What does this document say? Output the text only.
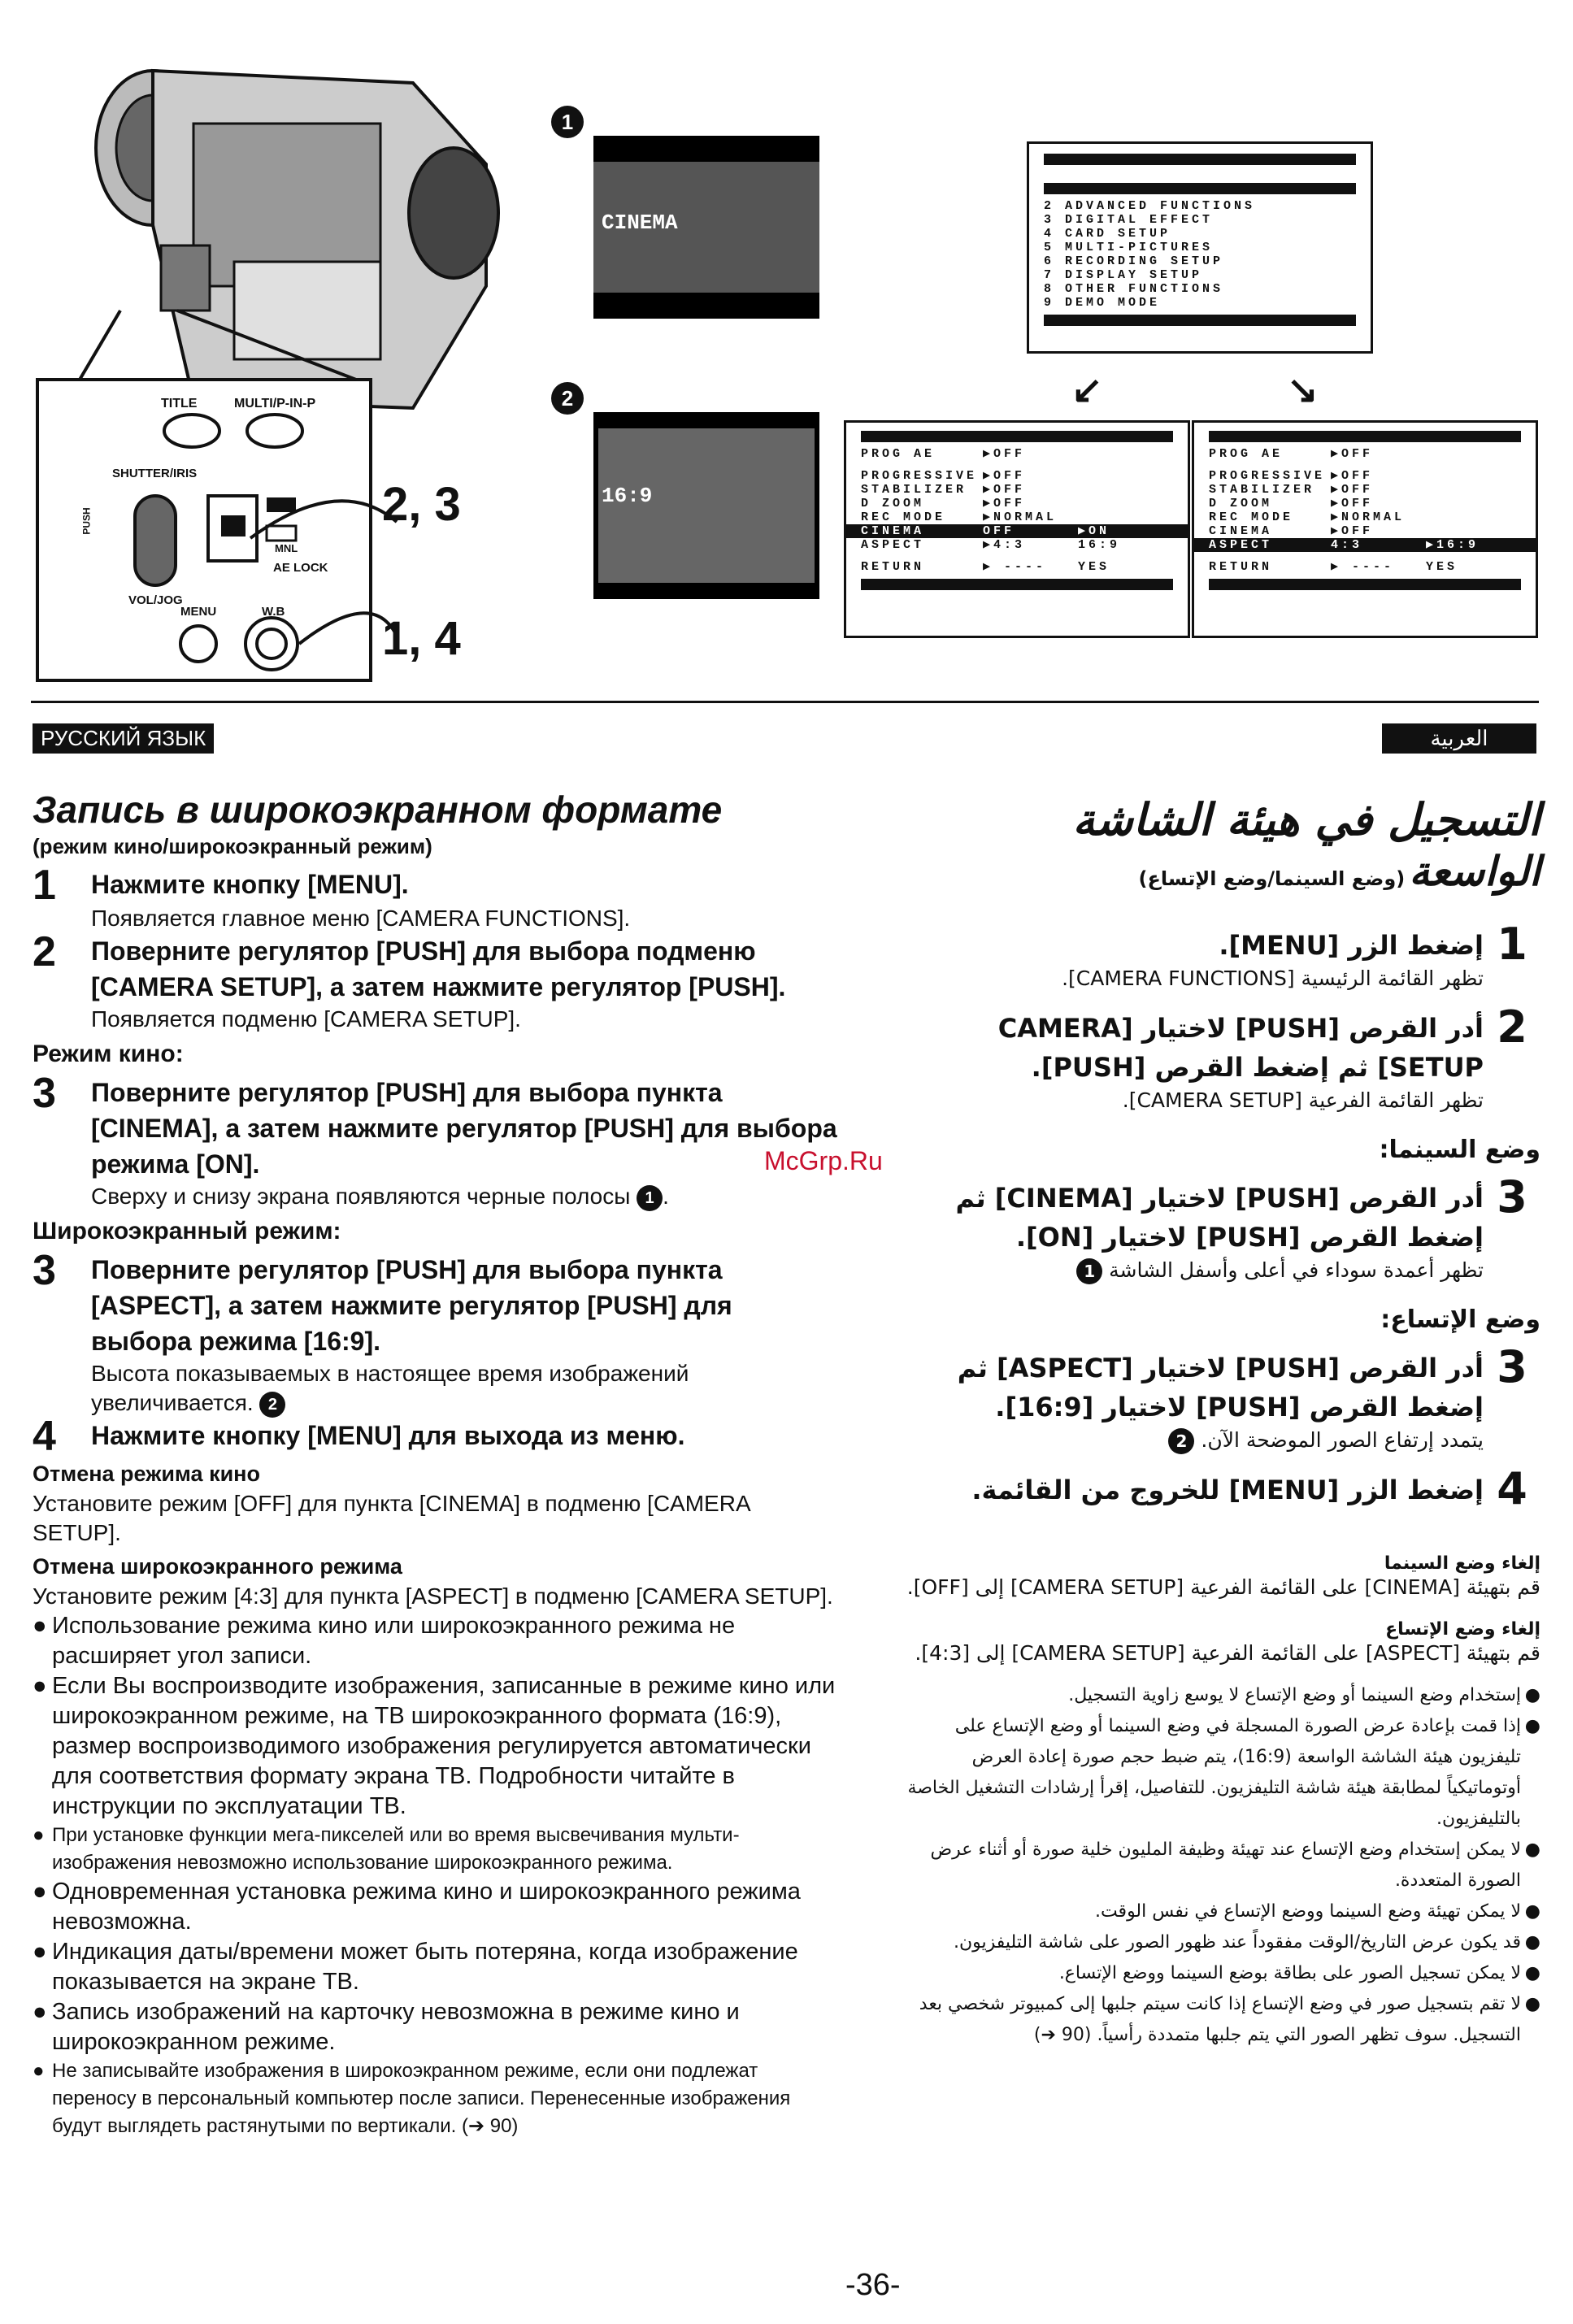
TITLE	MULTI/P-IN-P
SHUTTER/IRIS
VOL/JOG
PUSH
MNL
AE LOCK
MENU	W.B
2, 3
1, 4
1
CINEMA
2
16:9
2 ADVANCED FUNCTIONS
3 DIGITAL EFFECT
4 CARD SETUP
5 MULTI-PICTURES
6 RECORDING SETUP
7 DISPLAY SETUP
8 OTHER FUNCTIONS
9 DEMO MODE
↙	↘
PROG AE	▶OFF
PROGRESSIVE ▶OFF
STABILIZER	▶OFF
D ZOOM	▶OFF
REC MODE	▶NORMAL
CINEMA	OFF	▶ON
ASPECT	▶4:3	16:9
RETURN	▶ ----	YES
PROG AE	▶OFF
PROGRESSIVE ▶OFF
STABILIZER	▶OFF
D ZOOM	▶OFF
REC MODE	▶NORMAL
CINEMA	▶OFF
ASPECT	4:3	▶16:9
RETURN	▶ ----	YES
РУССКИЙ ЯЗЫК	العربية
McGrp.Ru
Запись в широкоэкранном формате
(режим кино/широкоэкранный режим)
1	Нажмите кнопку [MENU].
Появляется главное меню [CAMERA FUNCTIONS].
2	Поверните регулятор [PUSH] для выбора подменю [CAMERA SETUP], а затем нажмите регулятор [PUSH].
Появляется подменю [CAMERA SETUP].
Режим кино:
3	Поверните регулятор [PUSH] для выбора пункта [CINEMA], а затем нажмите регулятор [PUSH] для выбора режима [ON].
Сверху и снизу экрана появляются черные полосы 1 .
Широкоэкранный режим:
3	Поверните регулятор [PUSH] для выбора пункта [ASPECT], а затем нажмите регулятор [PUSH] для выбора режима [16:9].
Высота показываемых в настоящее время изображений увеличивается. 2
4	Нажмите кнопку [MENU] для выхода из меню.
Отмена режима кино
Установите режим [OFF] для пункта [CINEMA] в подменю [CAMERA SETUP].
Отмена широкоэкранного режима
Установите режим [4:3] для пункта [ASPECT] в подменю [CAMERA SETUP].
● Использование режима кино или широкоэкранного режима не расширяет угол записи.
● Если Вы воспроизводите изображения, записанные в режиме кино или широкоэкранном режиме, на ТВ широкоэкранного формата (16:9), размер воспроизводимого изображения регулируется автоматически для соответствия формату экрана ТВ. Подробности читайте в инструкции по эксплуатации ТВ.
● При установке функции мега-пикселей или во время высвечивания мульти-изображения невозможно использование широкоэкранного режима.
● Одновременная установка режима кино и широкоэкранного режима невозможна.
● Индикация даты/времени может быть потеряна, когда изображение показывается на экране ТВ.
● Запись изображений на карточку невозможна в режиме кино и широкоэкранном режиме.
● Не записывайте изображения в широкоэкранном режиме, если они подлежат переносу в персональный компьютер после записи. Перенесенные изображения будут выглядеть растянутыми по вертикали. (➔ 90)
التسجيل في هيئة الشاشة
الواسعة (وضع السينما/وضع الإتساع)
1
إضغط الزر [MENU].
تظهر القائمة الرئيسية [CAMERA FUNCTIONS].
2
أدر القرص [PUSH] لاختيار [CAMERA SETUP] ثم إضغط القرص [PUSH].
تظهر القائمة الفرعية [CAMERA SETUP].
وضع السينما:
3
أدر القرص [PUSH] لاختيار [CINEMA] ثم إضغط القرص [PUSH] لاختيار [ON].
تظهر أعمدة سوداء في أعلى وأسفل الشاشة 1
وضع الإتساع:
3
أدر القرص [PUSH] لاختيار [ASPECT] ثم إضغط القرص [PUSH] لاختيار [16:9].
يتمدد إرتفاع الصور الموضحة الآن. 2
4
إضغط الزر [MENU] للخروج من القائمة.
إلغاء وضع السينما
قم بتهيئة [CINEMA] على القائمة الفرعية [CAMERA SETUP] إلى [OFF].
إلغاء وضع الإتساع
قم بتهيئة [ASPECT] على القائمة الفرعية [CAMERA SETUP] إلى [4:3].
●
إستخدام وضع السينما أو وضع الإتساع لا يوسع زاوية التسجيل.
●
إذا قمت بإعادة عرض الصورة المسجلة في وضع السينما أو وضع الإتساع على تليفزيون هيئة الشاشة الواسعة (16:9)، يتم ضبط حجم صورة إعادة العرض أوتوماتيكياً لمطابقة هيئة شاشة التليفزيون. للتفاصيل، إقرأ إرشادات التشغيل الخاصة بالتليفزيون.
●
لا يمكن إستخدام وضع الإتساع عند تهيئة وظيفة المليون خلية صورة أو أثناء عرض الصورة المتعددة.
●
لا يمكن تهيئة وضع السينما ووضع الإتساع في نفس الوقت.
●
قد يكون عرض التاريخ/الوقت مفقوداً عند ظهور الصور على شاشة التليفزيون.
●
لا يمكن تسجيل الصور على بطاقة بوضع السينما ووضع الإتساع.
●
لا تقم بتسجيل صور في وضع الإتساع إذا كانت سيتم جلبها إلى كمبيوتر شخصي بعد التسجيل. سوف تظهر الصور التي يتم جلبها متمددة رأسياً. (90 ➔)
-36-
